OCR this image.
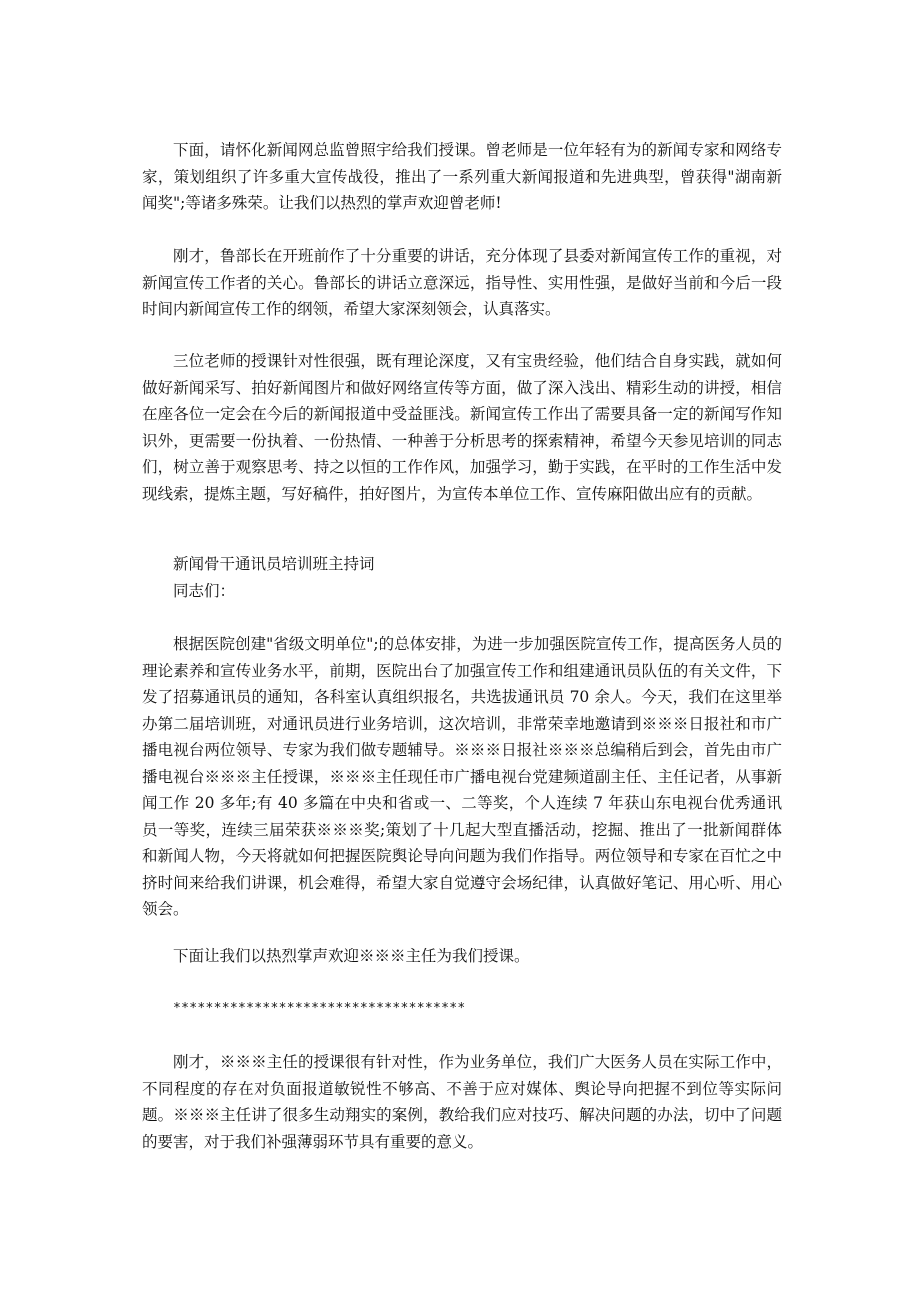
下面，请怀化新闻网总监曾照宇给我们授课。曾老师是一位年轻有为的新闻专家和网络专家，策划组织了许多重大宣传战役，推出了一系列重大新闻报道和先进典型，曾获得"湖南新闻奖";等诸多殊荣。让我们以热烈的掌声欢迎曾老师!

刚才，鲁部长在开班前作了十分重要的讲话，充分体现了县委对新闻宣传工作的重视，对新闻宣传工作者的关心。鲁部长的讲话立意深远，指导性、实用性强，是做好当前和今后一段时间内新闻宣传工作的纲领，希望大家深刻领会，认真落实。

三位老师的授课针对性很强，既有理论深度，又有宝贵经验，他们结合自身实践，就如何做好新闻采写、拍好新闻图片和做好网络宣传等方面，做了深入浅出、精彩生动的讲授，相信在座各位一定会在今后的新闻报道中受益匪浅。新闻宣传工作出了需要具备一定的新闻写作知识外，更需要一份执着、一份热情、一种善于分析思考的探索精神，希望今天参见培训的同志们，树立善于观察思考、持之以恒的工作作风，加强学习，勤于实践，在平时的工作生活中发现线索，提炼主题，写好稿件，拍好图片，为宣传本单位工作、宣传麻阳做出应有的贡献。

新闻骨干通讯员培训班主持词

同志们：

根据医院创建"省级文明单位";的总体安排，为进一步加强医院宣传工作，提高医务人员的理论素养和宣传业务水平，前期，医院出台了加强宣传工作和组建通讯员队伍的有关文件，下发了招募通讯员的通知，各科室认真组织报名，共选拔通讯员 70 余人。今天，我们在这里举办第二届培训班，对通讯员进行业务培训，这次培训，非常荣幸地邀请到※※※日报社和市广播电视台两位领导、专家为我们做专题辅导。※※※日报社※※※总编稍后到会，首先由市广播电视台※※※主任授课，※※※主任现任市广播电视台党建频道副主任、主任记者，从事新闻工作 20 多年;有 40 多篇在中央和省或一、二等奖，个人连续 7 年获山东电视台优秀通讯员一等奖，连续三届荣获※※※奖;策划了十几起大型直播活动，挖掘、推出了一批新闻群体和新闻人物，今天将就如何把握医院舆论导向问题为我们作指导。两位领导和专家在百忙之中挤时间来给我们讲课，机会难得，希望大家自觉遵守会场纪律，认真做好笔记、用心听、用心领会。

下面让我们以热烈掌声欢迎※※※主任为我们授课。

************************************

刚才，※※※主任的授课很有针对性，作为业务单位，我们广大医务人员在实际工作中，不同程度的存在对负面报道敏锐性不够高、不善于应对媒体、舆论导向把握不到位等实际问题。※※※主任讲了很多生动翔实的案例，教给我们应对技巧、解决问题的办法，切中了问题的要害，对于我们补强薄弱环节具有重要的意义。
